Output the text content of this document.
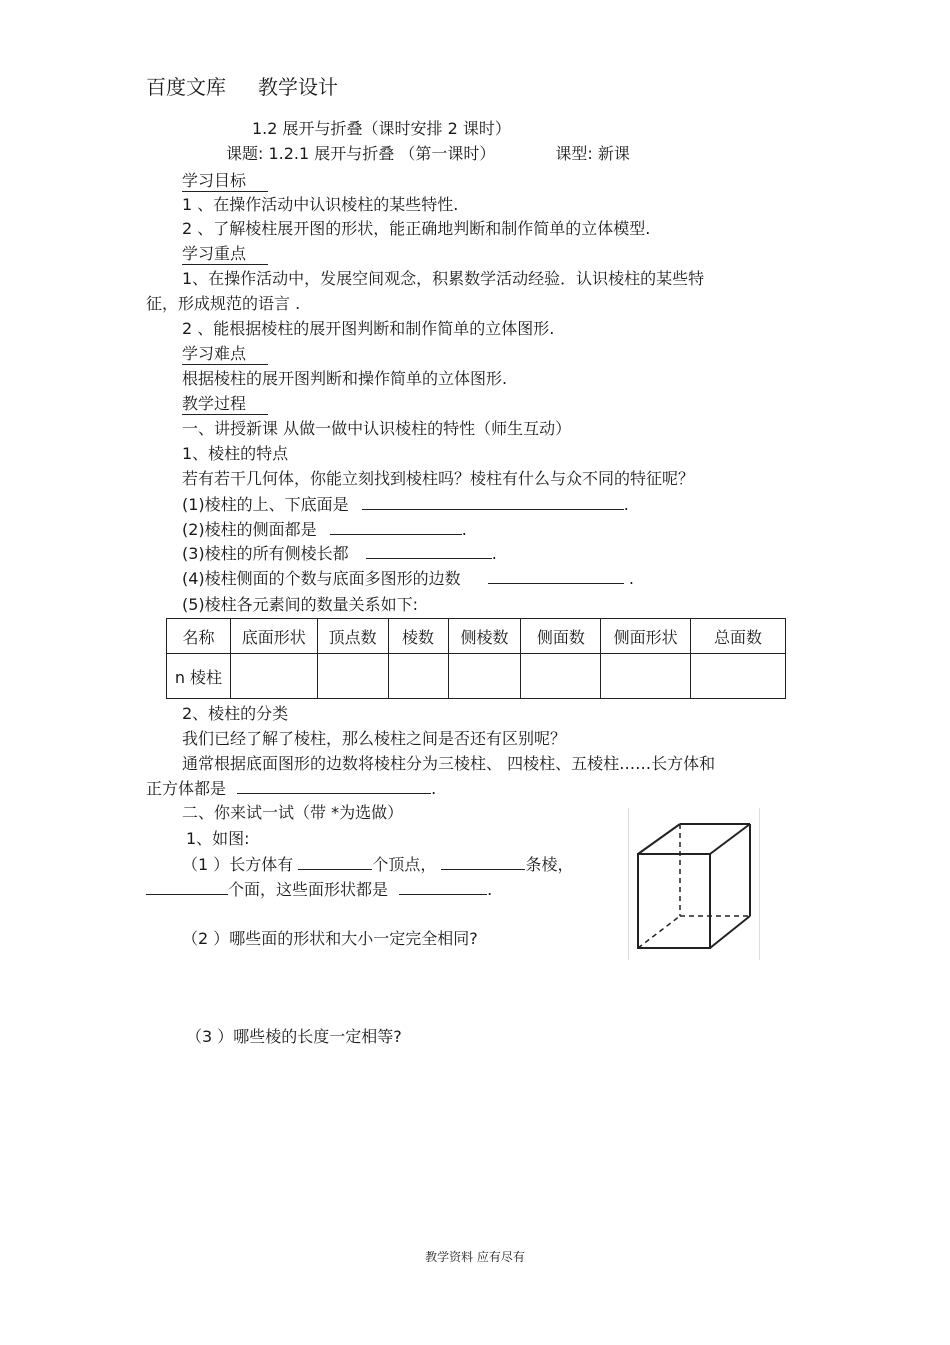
百度文库 教学设计
1.2 展开与折叠（课时安排 2 课时）
课题: 1.2.1 展开与折叠 （第一课时）	课型: 新课
学习目标
1 、在操作活动中认识棱柱的某些特性.
2 、了解棱柱展开图的形状，能正确地判断和制作简单的立体模型.
学习重点
1、在操作活动中，发展空间观念，积累数学活动经验．认识棱柱的某些特
征，形成规范的语言 .
2 、能根据棱柱的展开图判断和制作简单的立体图形.
学习难点
根据棱柱的展开图判断和操作简单的立体图形.
教学过程
一、讲授新课 从做一做中认识棱柱的特性（师生互动）
1、棱柱的特点
若有若干几何体，你能立刻找到棱柱吗？棱柱有什么与众不同的特征呢？
(1)棱柱的上、下底面是	.
(2)棱柱的侧面都是	.
(3)棱柱的所有侧棱长都	.
(4)棱柱侧面的个数与底面多图形的边数	.
(5)棱柱各元素间的数量关系如下:
名称	底面形状	顶点数	棱数	侧棱数	侧面数	侧面形状	总面数
n 棱柱							
2、棱柱的分类
我们已经了解了棱柱，那么棱柱之间是否还有区别呢？
通常根据底面图形的边数将棱柱分为三棱柱、 四棱柱、五棱柱……长方体和
正方体都是	.
二、你来试一试（带 *为选做）
1、如图:
（1 ）长方体有	个顶点，	条棱，
个面，这些面形状都是	.
（2 ）哪些面的形状和大小一定完全相同?
（3 ）哪些棱的长度一定相等?
教学资料 应有尽有
